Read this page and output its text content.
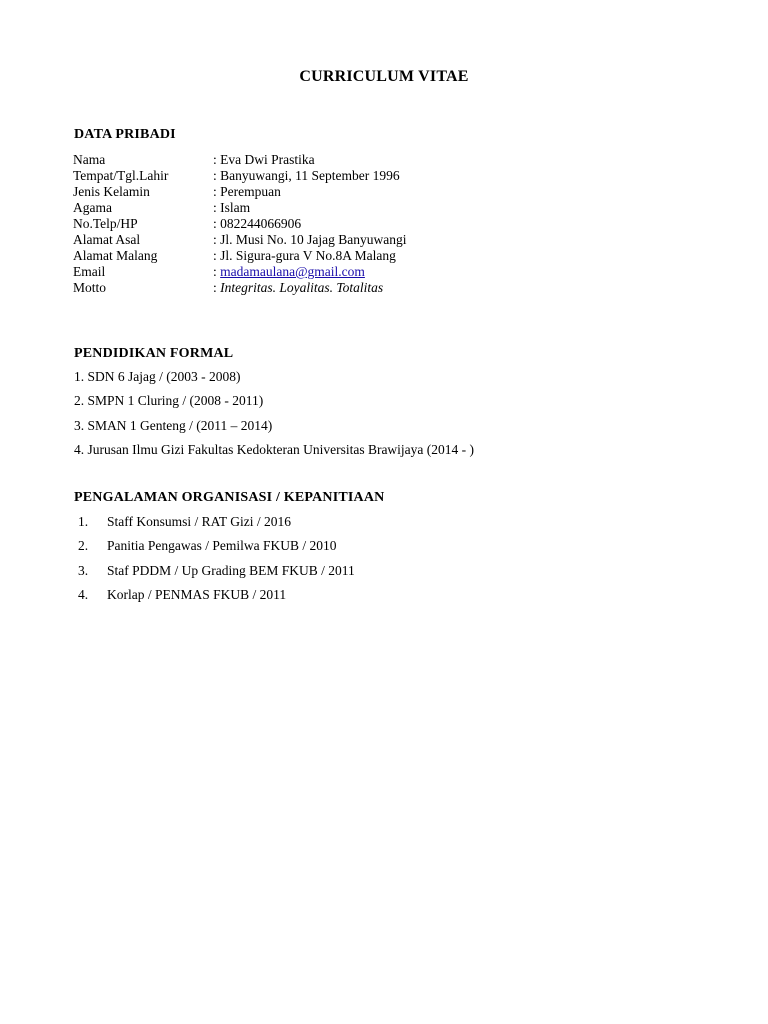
CURRICULUM VITAE
DATA PRIBADI
Nama	: Eva Dwi Prastika
Tempat/Tgl.Lahir	: Banyuwangi, 11 September 1996
Jenis Kelamin	: Perempuan
Agama	: Islam
No.Telp/HP	: 082244066906
Alamat Asal	: Jl. Musi No. 10 Jajag Banyuwangi
Alamat Malang	: Jl. Sigura-gura V No.8A Malang
Email	: madamaulana@gmail.com
Motto	: Integritas. Loyalitas. Totalitas
PENDIDIKAN FORMAL
1. SDN 6 Jajag / (2003 - 2008)
2. SMPN 1 Cluring / (2008 - 2011)
3. SMAN 1 Genteng / (2011 – 2014)
4. Jurusan Ilmu Gizi Fakultas Kedokteran Universitas Brawijaya (2014 - )
PENGALAMAN ORGANISASI / KEPANITIAAN
1. Staff Konsumsi / RAT Gizi / 2016
2. Panitia Pengawas / Pemilwa FKUB / 2010
3. Staf PDDM / Up Grading BEM FKUB / 2011
4. Korlap / PENMAS FKUB / 2011
